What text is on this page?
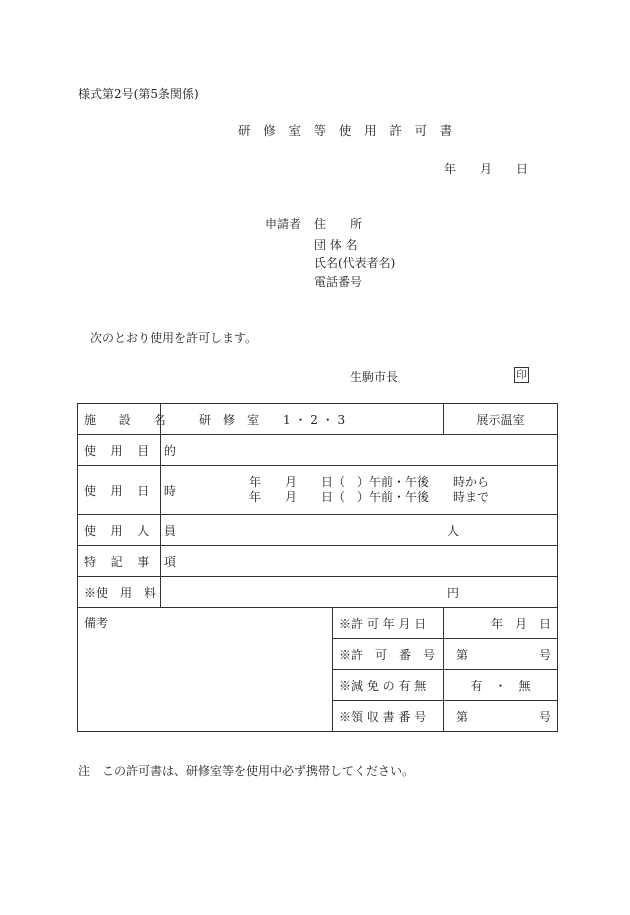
様式第2号(第5条関係)
研 修 室 等 使 用 許 可 書
年　　月　　日
申請者 住　　所
団 体 名
氏名(代表者名)
電話番号
次のとおり使用を許可します。
生駒市長	印
施　設　名	研　修　室　　1 ・ 2 ・ 3		展示温室
使 用 目 的			
使 用 日 時	年　　月　　日（　）午前・午後　　時から
年　　月　　日（　）午前・午後　　時まで		

使 用 人 員	人		
特 記 事 項			
※使　用　料	円		
備考		※許 可 年 月 日	年　月　日
		※許　可　番　号	第 号

		※減 免 の 有 無	有　・　無
		※領 収 書 番 号	第 号
注　この許可書は、研修室等を使用中必ず携帯してください。
